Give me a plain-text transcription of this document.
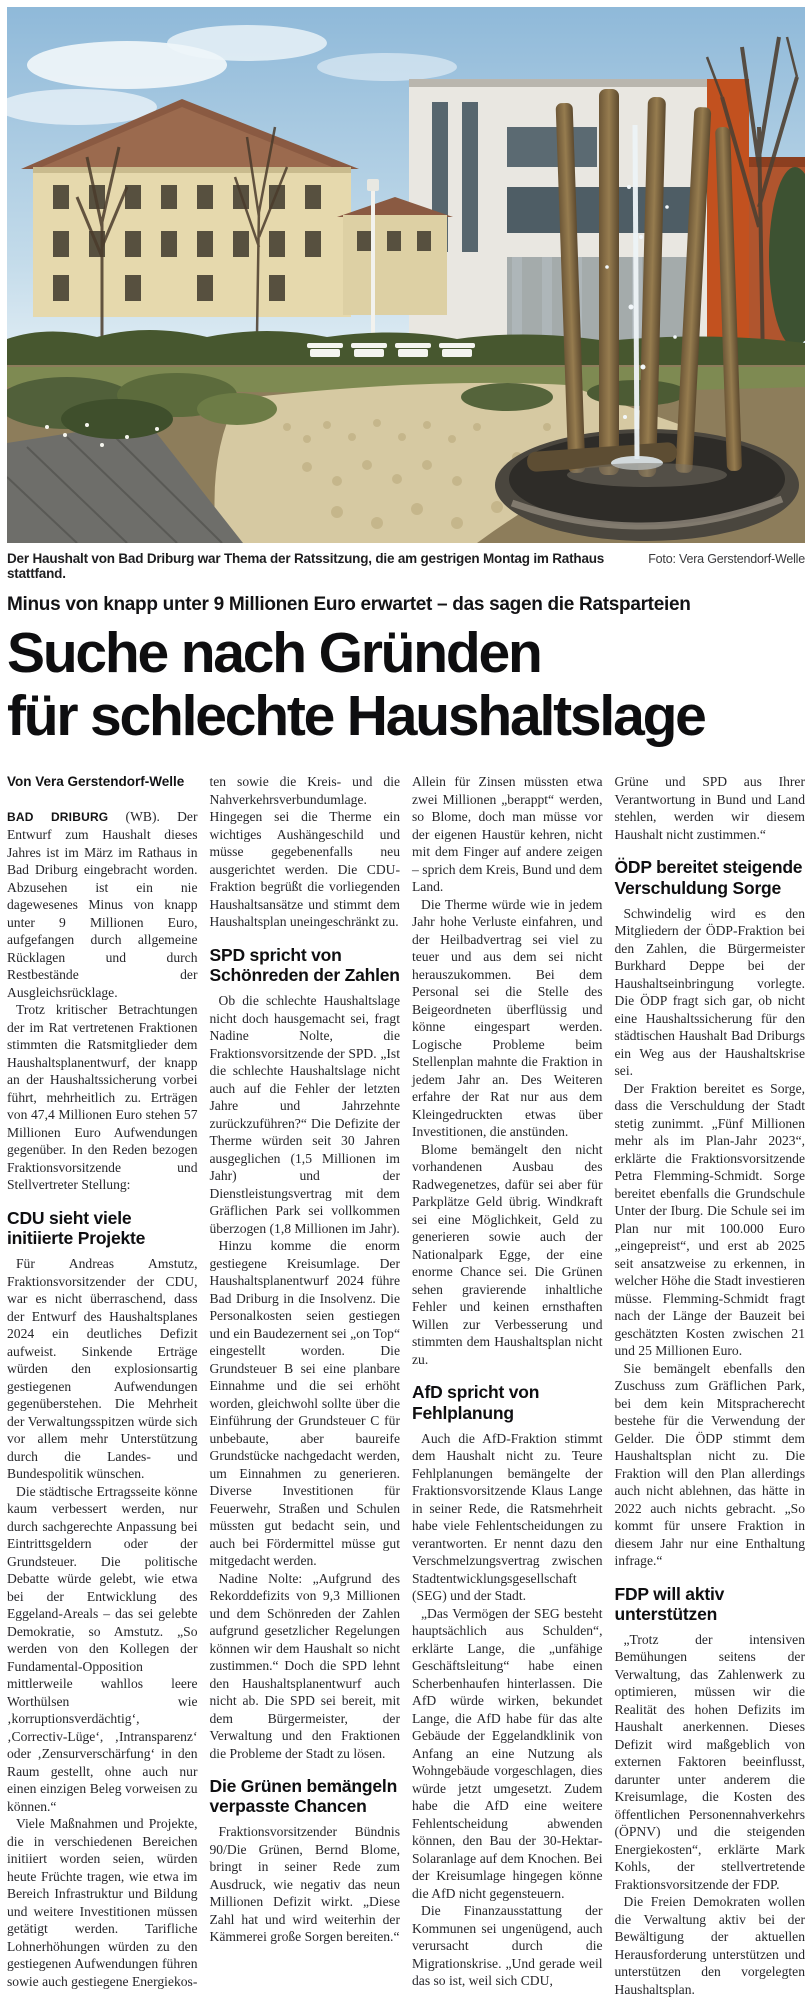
Der Haushalt von Bad Driburg war Thema der Ratssitzung, die am gestrigen Montag im Rathaus stattfand.
Foto: Vera Gerstendorf-Welle
Minus von knapp unter 9 Millionen Euro erwartet – das sagen die Ratsparteien
Suche nach Gründen
für schlechte Haushaltslage

Von Vera Gerstendorf-Welle

BAD DRIBURG (WB). Der Entwurf zum Haushalt dieses Jahres ist im März im Rathaus in Bad Driburg eingebracht worden. Abzusehen ist ein nie dagewesenes Minus von knapp unter 9 Millionen Euro, aufgefangen durch allgemeine Rücklagen und durch Restbestände der Ausgleichsrücklage.

Trotz kritischer Betrachtungen der im Rat vertretenen Fraktionen stimmten die Ratsmitglieder dem Haushaltsplanentwurf, der knapp an der Haushaltssicherung vorbei führt, mehrheitlich zu. Erträgen von 47,4 Millionen Euro stehen 57 Millionen Euro Aufwendungen gegenüber. In den Reden bezogen Fraktionsvorsitzende und Stellvertreter Stellung:

CDU sieht viele initiierte Projekte

Für Andreas Amstutz, Fraktionsvorsitzender der CDU, war es nicht überraschend, dass der Entwurf des Haushaltsplanes 2024 ein deutliches Defizit aufweist. Sinkende Erträge würden den explosionsartig gestiegenen Aufwendungen gegenüberstehen. Die Mehrheit der Verwaltungsspitzen würde sich vor allem mehr Unterstützung durch die Landes- und Bundespolitik wünschen.

Die städtische Ertragsseite könne kaum verbessert werden, nur durch sachgerechte Anpassung bei Eintrittsgeldern oder der Grundsteuer. Die politische Debatte würde gelebt, wie etwa bei der Entwicklung des Eggeland-Areals – das sei gelebte Demokratie, so Amstutz. „So werden von den Kollegen der Fundamental-Opposition mittlerweile wahllos leere Worthülsen wie ‚korruptionsverdächtig‘, ‚Correctiv-Lüge‘, ‚Intransparenz‘ oder ‚Zensurverschärfung‘ in den Raum gestellt, ohne auch nur einen einzigen Beleg vorweisen zu können.“

Viele Maßnahmen und Projekte, die in verschiedenen Bereichen initiiert worden seien, würden heute Früchte tragen, wie etwa im Bereich Infrastruktur und Bildung und weitere Investitionen müssen getätigt werden. Tarifliche Lohnerhöhungen würden zu den gestiegenen Aufwendungen führen sowie auch gestiegene Energiekos-

ten sowie die Kreis- und die Nahverkehrsverbundumlage. Hingegen sei die Therme ein wichtiges Aushängeschild und müsse gegebenenfalls neu ausgerichtet werden. Die CDU-Fraktion begrüßt die vorliegenden Haushaltsansätze und stimmt dem Haushaltsplan uneingeschränkt zu.

SPD spricht von Schönreden der Zahlen

Ob die schlechte Haushaltslage nicht doch hausgemacht sei, fragt Nadine Nolte, die Fraktionsvorsitzende der SPD. „Ist die schlechte Haushaltslage nicht auch auf die Fehler der letzten Jahre und Jahrzehnte zurückzuführen?“ Die Defizite der Therme würden seit 30 Jahren ausgeglichen (1,5 Millionen im Jahr) und der Dienstleistungsvertrag mit dem Gräflichen Park sei vollkommen überzogen (1,8 Millionen im Jahr).

Hinzu komme die enorm gestiegene Kreisumlage. Der Haushaltsplanentwurf 2024 führe Bad Driburg in die Insolvenz. Die Personalkosten seien gestiegen und ein Baudezernent sei „on Top“ eingestellt worden. Die Grundsteuer B sei eine planbare Einnahme und die sei erhöht worden, gleichwohl sollte über die Einführung der Grundsteuer C für unbebaute, aber baureife Grundstücke nachgedacht werden, um Einnahmen zu generieren. Diverse Investitionen für Feuerwehr, Straßen und Schulen müssten gut bedacht sein, und auch bei Fördermittel müsse gut mitgedacht werden.

Nadine Nolte: „Aufgrund des Rekorddefizits von 9,3 Millionen und dem Schönreden der Zahlen aufgrund gesetzlicher Regelungen können wir dem Haushalt so nicht zustimmen.“ Doch die SPD lehnt den Haushaltsplanentwurf auch nicht ab. Die SPD sei bereit, mit dem Bürgermeister, der Verwaltung und den Fraktionen die Probleme der Stadt zu lösen.

Die Grünen bemängeln verpasste Chancen

Fraktionsvorsitzender Bündnis 90/Die Grünen, Bernd Blome, bringt in seiner Rede zum Ausdruck, wie negativ das neun Millionen Defizit wirkt. „Diese Zahl hat und wird weiterhin der Kämmerei große Sorgen bereiten.“

Allein für Zinsen müssten etwa zwei Millionen „berappt“ werden, so Blome, doch man müsse vor der eigenen Haustür kehren, nicht mit dem Finger auf andere zeigen – sprich dem Kreis, Bund und dem Land.

Die Therme würde wie in jedem Jahr hohe Verluste einfahren, und der Heilbadvertrag sei viel zu teuer und aus dem sei nicht herauszukommen. Bei dem Personal sei die Stelle des Beigeordneten überflüssig und könne eingespart werden. Logische Probleme beim Stellenplan mahnte die Fraktion in jedem Jahr an. Des Weiteren erfahre der Rat nur aus dem Kleingedruckten etwas über Investitionen, die anstünden.

Blome bemängelt den nicht vorhandenen Ausbau des Radwegenetzes, dafür sei aber für Parkplätze Geld übrig. Windkraft sei eine Möglichkeit, Geld zu generieren sowie auch der Nationalpark Egge, der eine enorme Chance sei. Die Grünen sehen gravierende inhaltliche Fehler und keinen ernsthaften Willen zur Verbesserung und stimmten dem Haushaltsplan nicht zu.

AfD spricht von Fehlplanung

Auch die AfD-Fraktion stimmt dem Haushalt nicht zu. Teure Fehlplanungen bemängelte der Fraktionsvorsitzende Klaus Lange in seiner Rede, die Ratsmehrheit habe viele Fehlentscheidungen zu verantworten. Er nennt dazu den Verschmelzungsvertrag zwischen Stadtentwicklungsgesellschaft (SEG) und der Stadt.

„Das Vermögen der SEG besteht hauptsächlich aus Schulden“, erklärte Lange, die „unfähige Geschäftsleitung“ habe einen Scherbenhaufen hinterlassen. Die AfD würde wirken, bekundet Lange, die AfD habe für das alte Gebäude der Eggelandklinik von Anfang an eine Nutzung als Wohngebäude vorgeschlagen, dies würde jetzt umgesetzt. Zudem habe die AfD eine weitere Fehlentscheidung abwenden können, den Bau der 30-Hektar-Solaranlage auf dem Knochen. Bei der Kreisumlage hingegen könne die AfD nicht gegensteuern.

Die Finanzausstattung der Kommunen sei ungenügend, auch verursacht durch die Migrationskrise. „Und gerade weil das so ist, weil sich CDU,

Grüne und SPD aus Ihrer Verantwortung in Bund und Land stehlen, werden wir diesem Haushalt nicht zustimmen.“

ÖDP bereitet steigende Verschuldung Sorge

Schwindelig wird es den Mitgliedern der ÖDP-Fraktion bei den Zahlen, die Bürgermeister Burkhard Deppe bei der Haushaltseinbringung vorlegte. Die ÖDP fragt sich gar, ob nicht eine Haushaltssicherung für den städtischen Haushalt Bad Driburgs ein Weg aus der Haushaltskrise sei.

Der Fraktion bereitet es Sorge, dass die Verschuldung der Stadt stetig zunimmt. „Fünf Millionen mehr als im Plan-Jahr 2023“, erklärte die Fraktionsvorsitzende Petra Flemming-Schmidt. Sorge bereitet ebenfalls die Grundschule Unter der Iburg. Die Schule sei im Plan nur mit 100.000 Euro „eingepreist“, und erst ab 2025 seit ansatzweise zu erkennen, in welcher Höhe die Stadt investieren müsse. Flemming-Schmidt fragt nach der Länge der Bauzeit bei geschätzten Kosten zwischen 21 und 25 Millionen Euro.

Sie bemängelt ebenfalls den Zuschuss zum Gräflichen Park, bei dem kein Mitspracherecht bestehe für die Verwendung der Gelder. Die ÖDP stimmt dem Haushaltsplan nicht zu. Die Fraktion will den Plan allerdings auch nicht ablehnen, das hätte in 2022 auch nichts gebracht. „So kommt für unsere Fraktion in diesem Jahr nur eine Enthaltung infrage.“

FDP will aktiv unterstützen

„Trotz der intensiven Bemühungen seitens der Verwaltung, das Zahlenwerk zu optimieren, müssen wir die Realität des hohen Defizits im Haushalt anerkennen. Dieses Defizit wird maßgeblich von externen Faktoren beeinflusst, darunter unter anderem die Kreisumlage, die Kosten des öffentlichen Personennahverkehrs (ÖPNV) und die steigenden Energiekosten“, erklärte Mark Kohls, der stellvertretende Fraktionsvorsitzende der FDP.

Die Freien Demokraten wollen die Verwaltung aktiv bei der Bewältigung der aktuellen Herausforderung unterstützen und unterstützen den vorgelegten Haushaltsplan.
